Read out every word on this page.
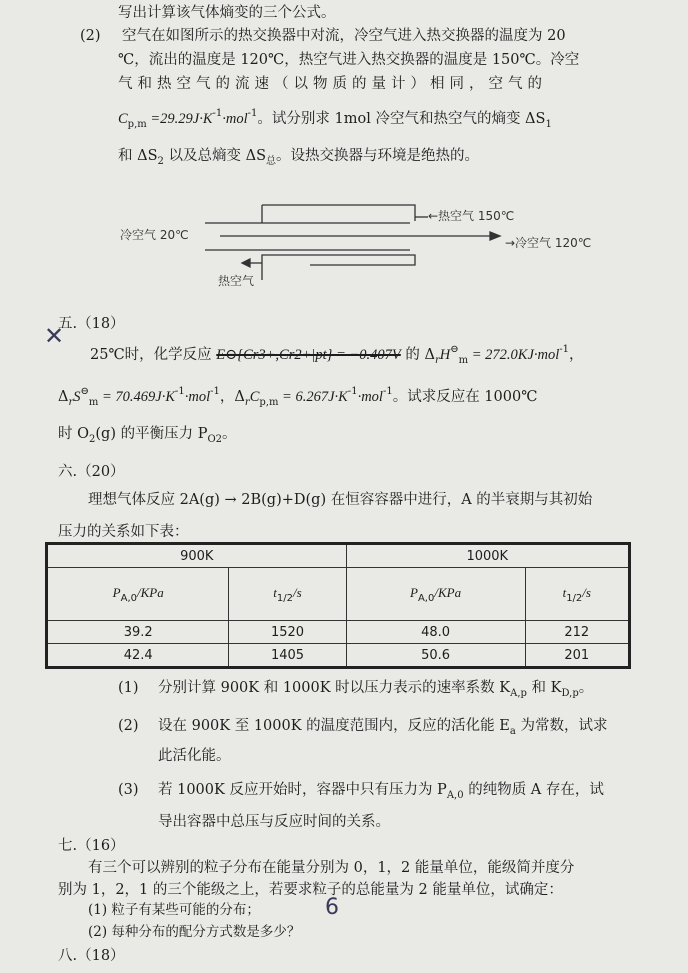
写出计算该气体熵变的三个公式。
(2) 空气在如图所示的热交换器中对流，冷空气进入热交换器的温度为 20
℃，流出的温度是 120℃，热空气进入热交换器的温度是 150℃。冷空
气和热空气的流速（以物质的量计）相同，空气的
$C_{p,m} =29.29J\cdot K^{-1}\cdot mol^{-1}$。试分别求 1mol 冷空气和热空气的熵变 $\Delta S_1$
和 $\Delta S_2$ 以及总熵变 $\Delta S_总$。设热交换器与环境是绝热的。
冷空气 20℃
←热空气 150℃
→冷空气 120℃
热空气
五.（18）
✕
25℃时，化学反应 E⊖{Cr3+,Cr2+|pt} = −0.407V 的 $\Delta_rH^⊖_m = 272.0KJ\cdot mol^{-1}$，
$\Delta_rS^⊖_m = 70.469J\cdot K^{-1}\cdot mol^{-1}$，$\Delta_rC_{p,m} = 6.267J\cdot K^{-1}\cdot mol^{-1}$。试求反应在 1000℃
时 $O_2(g)$ 的平衡压力 $P_{O2}$。
六.（20）
理想气体反应 2A(g) → 2B(g)+D(g) 在恒容容器中进行，A 的半衰期与其初始
压力的关系如下表：
900K		1000K	
$P_{A,0}$/KPa	$t_{1/2}/s$	$P_{A,0}$/KPa	$t_{1/2}/s$
39.2	1520	48.0	212
42.4	1405	50.6	201
(1) 分别计算 900K 和 1000K 时以压力表示的速率系数 $K_{A,p}$ 和 $K_{D,p}$。
(2) 设在 900K 至 1000K 的温度范围内，反应的活化能 $E_a$ 为常数，试求
此活化能。
(3) 若 1000K 反应开始时，容器中只有压力为 $P_{A,0}$ 的纯物质 A 存在，试
导出容器中总压与反应时间的关系。
七.（16）
有三个可以辨别的粒子分布在能量分别为 0，1，2 能量单位，能级简并度分
别为 1，2，1 的三个能级之上，若要求粒子的总能量为 2 能量单位，试确定：
(1) 粒子有某些可能的分布；	6
(2) 每种分布的配分方式数是多少？
八.（18）
